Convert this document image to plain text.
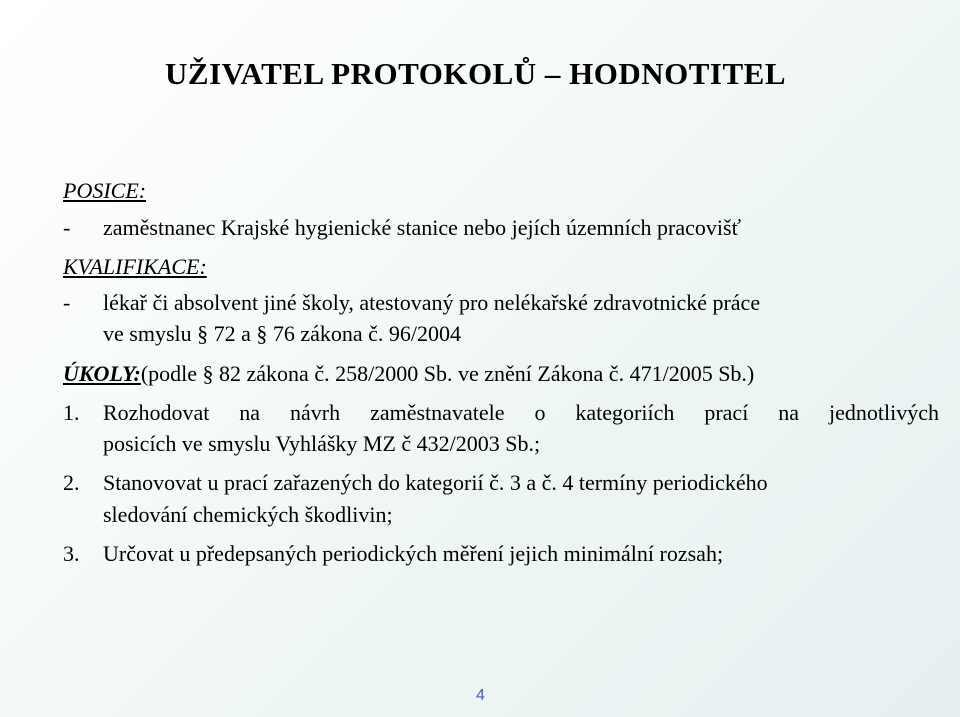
UŽIVATEL PROTOKOLŮ – HODNOTITEL
POSICE:
- zaměstnanec Krajské hygienické stanice nebo jejích územních pracovišť
KVALIFIKACE:
- lékař či absolvent jiné školy, atestovaný pro nelékařské zdravotnické práce
ve smyslu § 72 a § 76 zákona č. 96/2004
ÚKOLY:(podle § 82 zákona č. 258/2000 Sb. ve znění Zákona č. 471/2005 Sb.)
1. Rozhodovat na návrh zaměstnavatele o kategoriích prací na jednotlivých
posicích ve smyslu Vyhlášky MZ č 432/2003 Sb.;
2. Stanovovat u prací zařazených do kategorií č. 3 a č. 4 termíny periodického
sledování chemických škodlivin;
3. Určovat u předepsaných periodických měření jejich minimální rozsah;
4
